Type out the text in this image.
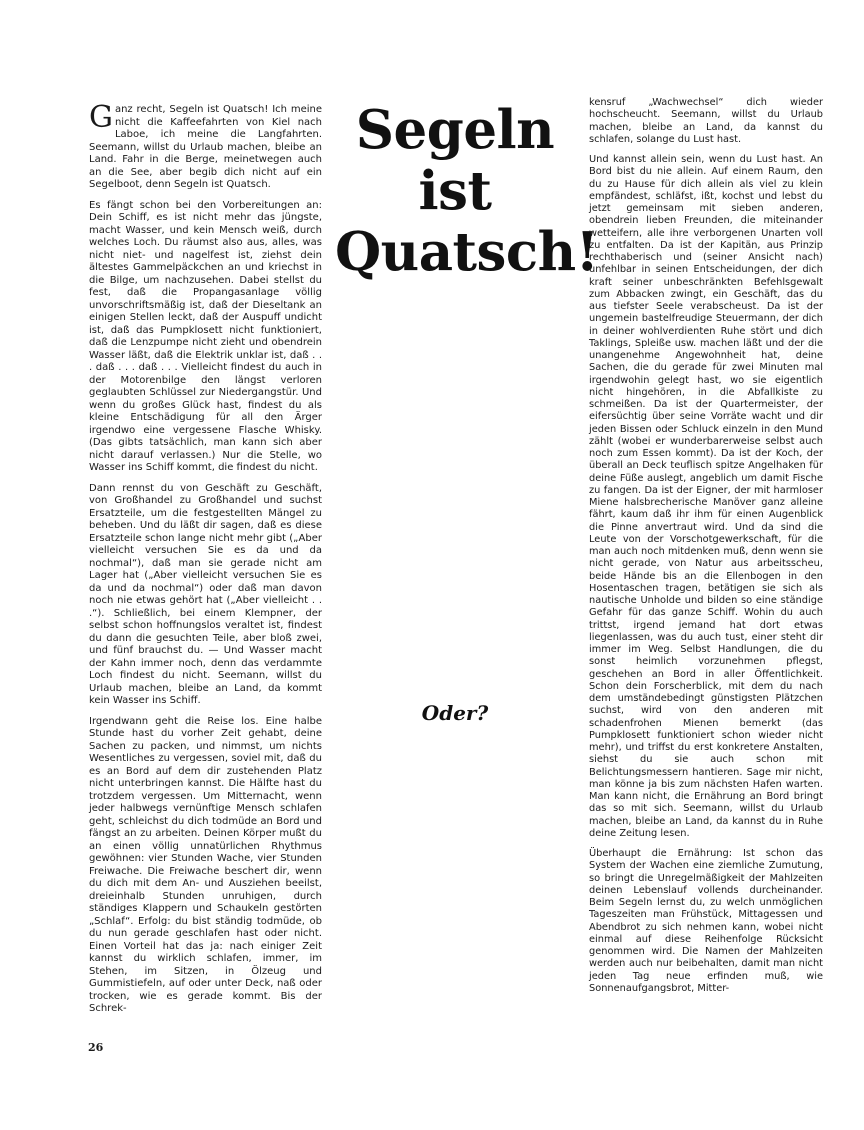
Ganz recht, Segeln ist Quatsch! Ich meine nicht die Kaffeefahrten von Kiel nach Laboe, ich meine die Langfahrten. Seemann, willst du Urlaub machen, bleibe an Land. Fahr in die Berge, meinetwegen auch an die See, aber begib dich nicht auf ein Segelboot, denn Segeln ist Quatsch.

Es fängt schon bei den Vorbereitungen an: Dein Schiff, es ist nicht mehr das jüngste, macht Wasser, und kein Mensch weiß, durch welches Loch. Du räumst also aus, alles, was nicht niet- und nagelfest ist, ziehst dein ältestes Gammelpäckchen an und kriechst in die Bilge, um nachzusehen. Dabei stellst du fest, daß die Propangasanlage völlig unvorschriftsmäßig ist, daß der Dieseltank an einigen Stellen leckt, daß der Auspuff undicht ist, daß das Pumpklosett nicht funktioniert, daß die Lenzpumpe nicht zieht und obendrein Wasser läßt, daß die Elektrik unklar ist, daß . . . daß . . . daß . . . Vielleicht findest du auch in der Motorenbilge den längst verloren geglaubten Schlüssel zur Niedergangstür. Und wenn du großes Glück hast, findest du als kleine Entschädigung für all den Ärger irgendwo eine vergessene Flasche Whisky. (Das gibts tatsächlich, man kann sich aber nicht darauf verlassen.) Nur die Stelle, wo Wasser ins Schiff kommt, die findest du nicht.

Dann rennst du von Geschäft zu Geschäft, von Großhandel zu Großhandel und suchst Ersatzteile, um die festgestellten Mängel zu beheben. Und du läßt dir sagen, daß es diese Ersatzteile schon lange nicht mehr gibt („Aber vielleicht versuchen Sie es da und da nochmal“), daß man sie gerade nicht am Lager hat („Aber vielleicht versuchen Sie es da und da nochmal“) oder daß man davon noch nie etwas gehört hat („Aber vielleicht . . .“). Schließlich, bei einem Klempner, der selbst schon hoffnungslos veraltet ist, findest du dann die gesuchten Teile, aber bloß zwei, und fünf brauchst du. — Und Wasser macht der Kahn immer noch, denn das verdammte Loch findest du nicht. Seemann, willst du Urlaub machen, bleibe an Land, da kommt kein Wasser ins Schiff.

Irgendwann geht die Reise los. Eine halbe Stunde hast du vorher Zeit gehabt, deine Sachen zu packen, und nimmst, um nichts Wesentliches zu vergessen, soviel mit, daß du es an Bord auf dem dir zustehenden Platz nicht unterbringen kannst. Die Hälfte hast du trotzdem vergessen. Um Mitternacht, wenn jeder halbwegs vernünftige Mensch schlafen geht, schleichst du dich todmüde an Bord und fängst an zu arbeiten. Deinen Körper mußt du an einen völlig unnatürlichen Rhythmus gewöhnen: vier Stunden Wache, vier Stunden Freiwache. Die Freiwache beschert dir, wenn du dich mit dem An- und Ausziehen beeilst, dreieinhalb Stunden unruhigen, durch ständiges Klappern und Schaukeln gestörten „Schlaf“. Erfolg: du bist ständig todmüde, ob du nun gerade geschlafen hast oder nicht. Einen Vorteil hat das ja: nach einiger Zeit kannst du wirklich schlafen, immer, im Stehen, im Sitzen, in Ölzeug und Gummistiefeln, auf oder unter Deck, naß oder trocken, wie es gerade kommt. Bis der Schrek-

Segeln
ist
Quatsch!
Oder?

kensruf „Wachwechsel“ dich wieder hochscheucht. Seemann, willst du Urlaub machen, bleibe an Land, da kannst du schlafen, solange du Lust hast.

Und kannst allein sein, wenn du Lust hast. An Bord bist du nie allein. Auf einem Raum, den du zu Hause für dich allein als viel zu klein empfändest, schläfst, ißt, kochst und lebst du jetzt gemeinsam mit sieben anderen, obendrein lieben Freunden, die miteinander wetteifern, alle ihre verborgenen Unarten voll zu entfalten. Da ist der Kapitän, aus Prinzip rechthaberisch und (seiner Ansicht nach) unfehlbar in seinen Entscheidungen, der dich kraft seiner unbeschränkten Befehlsgewalt zum Abbacken zwingt, ein Geschäft, das du aus tiefster Seele verabscheust. Da ist der ungemein bastelfreudige Steuermann, der dich in deiner wohlverdienten Ruhe stört und dich Taklings, Spleiße usw. machen läßt und der die unangenehme Angewohnheit hat, deine Sachen, die du gerade für zwei Minuten mal irgendwohin gelegt hast, wo sie eigentlich nicht hingehören, in die Abfallkiste zu schmeißen. Da ist der Quartermeister, der eifersüchtig über seine Vorräte wacht und dir jeden Bissen oder Schluck einzeln in den Mund zählt (wobei er wunderbarerweise selbst auch noch zum Essen kommt). Da ist der Koch, der überall an Deck teuflisch spitze Angelhaken für deine Füße auslegt, angeblich um damit Fische zu fangen. Da ist der Eigner, der mit harmloser Miene halsbrecherische Manöver ganz alleine fährt, kaum daß ihr ihm für einen Augenblick die Pinne anvertraut wird. Und da sind die Leute von der Vorschotgewerkschaft, für die man auch noch mitdenken muß, denn wenn sie nicht gerade, von Natur aus arbeitsscheu, beide Hände bis an die Ellenbogen in den Hosentaschen tragen, betätigen sie sich als nautische Unholde und bilden so eine ständige Gefahr für das ganze Schiff. Wohin du auch trittst, irgend jemand hat dort etwas liegenlassen, was du auch tust, einer steht dir immer im Weg. Selbst Handlungen, die du sonst heimlich vorzunehmen pflegst, geschehen an Bord in aller Öffentlichkeit. Schon dein Forscherblick, mit dem du nach dem umständebedingt günstigsten Plätzchen suchst, wird von den anderen mit schadenfrohen Mienen bemerkt (das Pumpklosett funktioniert schon wieder nicht mehr), und triffst du erst konkretere Anstalten, siehst du sie auch schon mit Belichtungsmessern hantieren. Sage mir nicht, man könne ja bis zum nächsten Hafen warten. Man kann nicht, die Ernährung an Bord bringt das so mit sich. Seemann, willst du Urlaub machen, bleibe an Land, da kannst du in Ruhe deine Zeitung lesen.

Überhaupt die Ernährung: Ist schon das System der Wachen eine ziemliche Zumutung, so bringt die Unregelmäßigkeit der Mahlzeiten deinen Lebenslauf vollends durcheinander. Beim Segeln lernst du, zu welch unmöglichen Tageszeiten man Frühstück, Mittagessen und Abendbrot zu sich nehmen kann, wobei nicht einmal auf diese Reihenfolge Rücksicht genommen wird. Die Namen der Mahlzeiten werden auch nur beibehalten, damit man nicht jeden Tag neue erfinden muß, wie Sonnenaufgangsbrot, Mitter-

26
